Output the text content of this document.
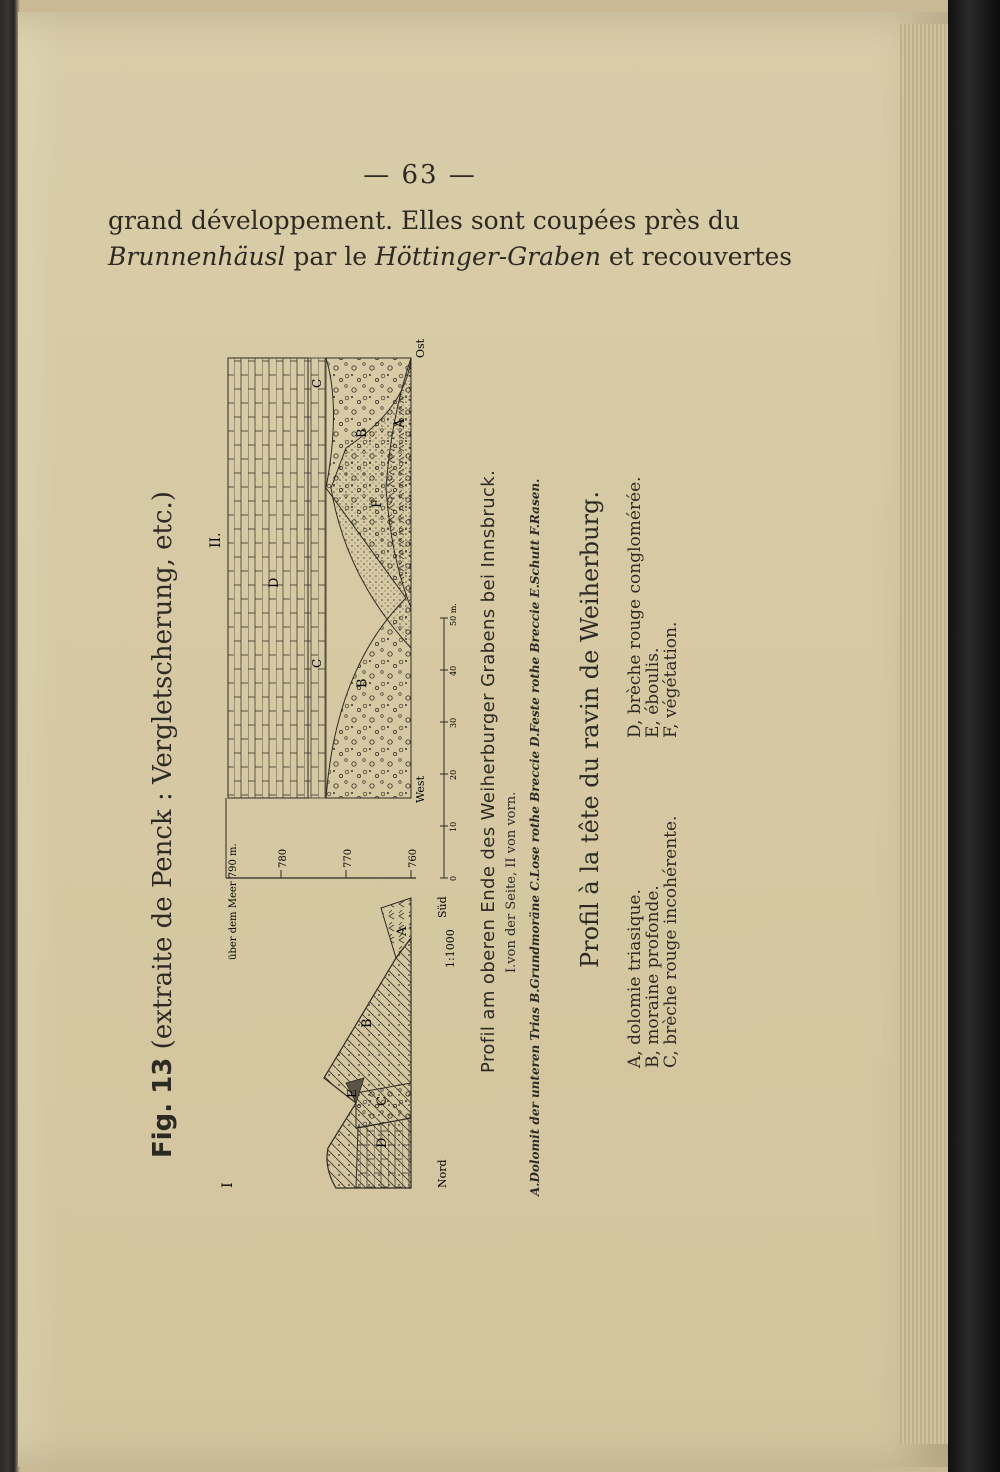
— 63 —
grand développement. Elles sont coupées près du
Brunnenhäusl par le Höttinger-Graben et recouvertes
Fig. 13 (extraite de Penck : Vergletscherung, etc.)
I
D
C
E
B
A
Nord
Süd
über dem Meer 790 m.	780	770	760
II.
D
C
C
B
B
F
A
West
Ost
1:1000
0
10
20
30
40
50 m. Profil am oberen Ende des Weiherburger Grabens bei Innsbruck. I.von der Seite, II von vorn. A.Dolomit der unteren Trias B.Grundmoräne C.Lose rothe Breccie D.Feste rothe Breccie E.Schutt F.Rasen. Profil à la tête du ravin de Weiherburg.
A, dolomie triasique.
B, moraine profonde.
C, brèche rouge incohérente.
D, brèche rouge conglomérée.
E, éboulis.
F, végétation.
